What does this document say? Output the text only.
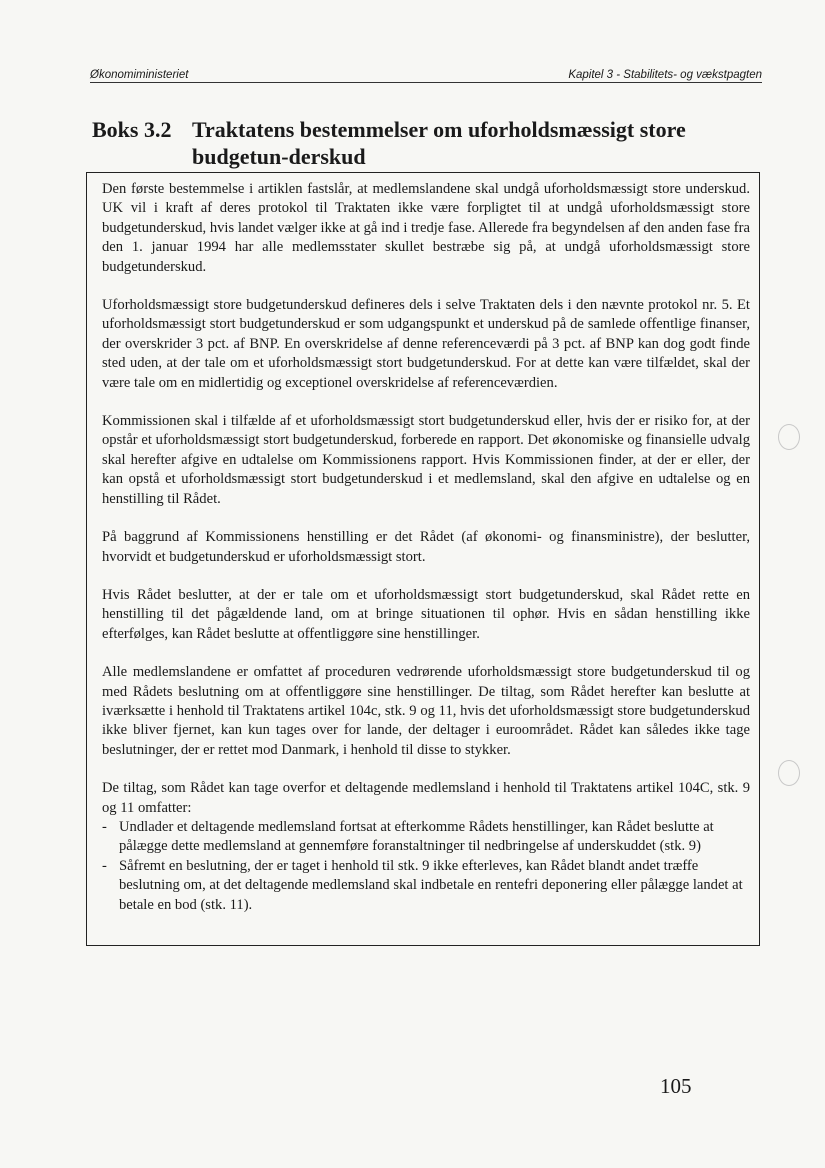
Økonomiministeriet	Kapitel 3 - Stabilitets- og vækstpagten
Boks 3.2 Traktatens bestemmelser om uforholdsmæssigt store budgetun-derskud

Den første bestemmelse i artiklen fastslår, at medlemslandene skal undgå uforholdsmæssigt store underskud. UK vil i kraft af deres protokol til Traktaten ikke være forpligtet til at undgå uforholdsmæssigt store budgetunderskud, hvis landet vælger ikke at gå ind i tredje fase. Allerede fra begyndelsen af den anden fase fra den 1. januar 1994 har alle medlemsstater skullet bestræbe sig på, at undgå uforholdsmæssigt store budgetunderskud.

Uforholdsmæssigt store budgetunderskud defineres dels i selve Traktaten dels i den nævnte protokol nr. 5. Et uforholdsmæssigt stort budgetunderskud er som udgangspunkt et underskud på de samlede offentlige finanser, der overskrider 3 pct. af BNP. En overskridelse af denne referenceværdi på 3 pct. af BNP kan dog godt finde sted uden, at der tale om et uforholdsmæssigt stort budgetunderskud. For at dette kan være tilfældet, skal der være tale om en midlertidig og exceptionel overskridelse af referenceværdien.

Kommissionen skal i tilfælde af et uforholdsmæssigt stort budgetunderskud eller, hvis der er risiko for, at der opstår et uforholdsmæssigt stort budgetunderskud, forberede en rapport. Det økonomiske og finansielle udvalg skal herefter afgive en udtalelse om Kommissionens rapport. Hvis Kommissionen finder, at der er eller, der kan opstå et uforholdsmæssigt stort budgetunderskud i et medlemsland, skal den afgive en udtalelse og en henstilling til Rådet.

På baggrund af Kommissionens henstilling er det Rådet (af økonomi- og finansministre), der beslutter, hvorvidt et budgetunderskud er uforholdsmæssigt stort.

Hvis Rådet beslutter, at der er tale om et uforholdsmæssigt stort budgetunderskud, skal Rådet rette en henstilling til det pågældende land, om at bringe situationen til ophør. Hvis en sådan henstilling ikke efterfølges, kan Rådet beslutte at offentliggøre sine henstillinger.

Alle medlemslandene er omfattet af proceduren vedrørende uforholdsmæssigt store budgetunderskud til og med Rådets beslutning om at offentliggøre sine henstillinger. De tiltag, som Rådet herefter kan beslutte at iværksætte i henhold til Traktatens artikel 104c, stk. 9 og 11, hvis det uforholdsmæssigt store budgetunderskud ikke bliver fjernet, kan kun tages over for lande, der deltager i euroområdet. Rådet kan således ikke tage beslutninger, der er rettet mod Danmark, i henhold til disse to stykker.

De tiltag, som Rådet kan tage overfor et deltagende medlemsland i henhold til Traktatens artikel 104C, stk. 9 og 11 omfatter:

- Undlader et deltagende medlemsland fortsat at efterkomme Rådets henstillinger, kan Rådet beslutte at pålægge dette medlemsland at gennemføre foranstaltninger til nedbringelse af underskuddet (stk. 9)
- Såfremt en beslutning, der er taget i henhold til stk. 9 ikke efterleves, kan Rådet blandt andet træffe beslutning om, at det deltagende medlemsland skal indbetale en rentefri deponering eller pålægge landet at betale en bod (stk. 11).
105
